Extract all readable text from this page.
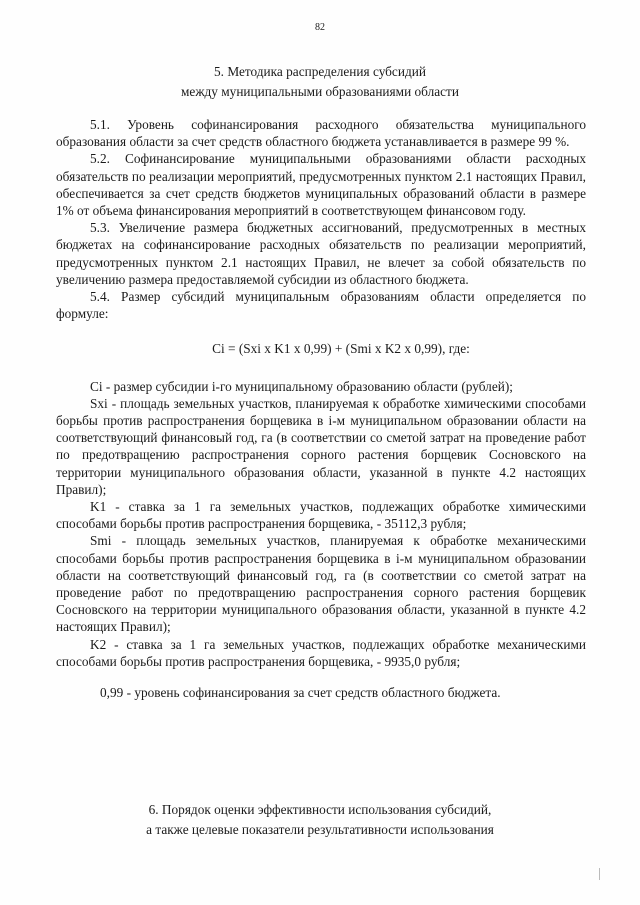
82
5. Методика распределения субсидий
между муниципальными образованиями области

5.1. Уровень софинансирования расходного обязательства муниципального образования области за счет средств областного бюджета устанавливается в размере 99 %.

5.2. Софинансирование муниципальными образованиями области расходных обязательств по реализации мероприятий, предусмотренных пунктом 2.1 настоящих Правил, обеспечивается за счет средств бюджетов муниципальных образований области в размере 1% от объема финансирования мероприятий в соответствующем финансовом году.

5.3. Увеличение размера бюджетных ассигнований, предусмотренных в местных бюджетах на софинансирование расходных обязательств по реализации мероприятий, предусмотренных пунктом 2.1 настоящих Правил, не влечет за собой обязательств по увеличению размера предоставляемой субсидии из областного бюджета.

5.4. Размер субсидий муниципальным образованиям области определяется по формуле:

Ci = (Sxi x K1 x 0,99) + (Smi x K2 x 0,99), где:

Ci - размер субсидии i-го муниципальному образованию области (рублей);

Sxi - площадь земельных участков, планируемая к обработке химическими способами борьбы против распространения борщевика в i-м муниципальном образовании области на соответствующий финансовый год, га (в соответствии со сметой затрат на проведение работ по предотвращению распространения сорного растения борщевик Сосновского на территории муниципального образования области, указанной в пункте 4.2 настоящих Правил);

K1 - ставка за 1 га земельных участков, подлежащих обработке химическими способами борьбы против распространения борщевика, - 35112,3 рубля;

Smi - площадь земельных участков, планируемая к обработке механическими способами борьбы против распространения борщевика в i-м муниципальном образовании области на соответствующий финансовый год, га (в соответствии со сметой затрат на проведение работ по предотвращению распространения сорного растения борщевик Сосновского на территории муниципального образования области, указанной в пункте 4.2 настоящих Правил);

K2 - ставка за 1 га земельных участков, подлежащих обработке механическими способами борьбы против распространения борщевика, - 9935,0 рубля;

0,99 - уровень софинансирования за счет средств областного бюджета.

6. Порядок оценки эффективности использования субсидий,
а также целевые показатели результативности использования
